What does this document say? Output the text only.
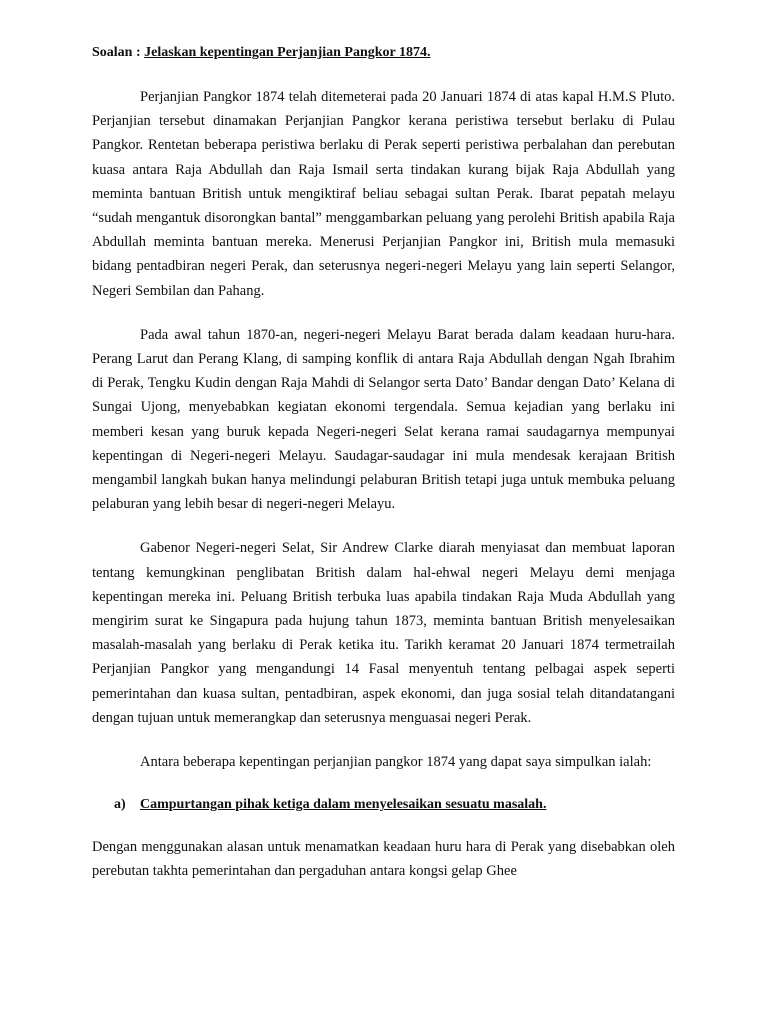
Soalan : Jelaskan kepentingan Perjanjian Pangkor 1874.

Perjanjian Pangkor 1874 telah ditemeterai pada 20 Januari 1874 di atas kapal H.M.S Pluto. Perjanjian tersebut dinamakan Perjanjian Pangkor kerana peristiwa tersebut berlaku di Pulau Pangkor. Rentetan beberapa peristiwa berlaku di Perak seperti peristiwa perbalahan dan perebutan kuasa antara Raja Abdullah dan Raja Ismail serta tindakan kurang bijak Raja Abdullah yang meminta bantuan British untuk mengiktiraf beliau sebagai sultan Perak. Ibarat pepatah melayu “sudah mengantuk disorongkan bantal” menggambarkan peluang yang perolehi British apabila Raja Abdullah meminta bantuan mereka. Menerusi Perjanjian Pangkor ini, British mula memasuki bidang pentadbiran negeri Perak, dan seterusnya negeri-negeri Melayu yang lain seperti Selangor, Negeri Sembilan dan Pahang.

Pada awal tahun 1870-an, negeri-negeri Melayu Barat berada dalam keadaan huru-hara. Perang Larut dan Perang Klang, di samping konflik di antara Raja Abdullah dengan Ngah Ibrahim di Perak, Tengku Kudin dengan Raja Mahdi di Selangor serta Dato’ Bandar dengan Dato’ Kelana di Sungai Ujong, menyebabkan kegiatan ekonomi tergendala. Semua kejadian yang berlaku ini memberi kesan yang buruk kepada Negeri-negeri Selat kerana ramai saudagarnya mempunyai kepentingan di Negeri-negeri Melayu. Saudagar-saudagar ini mula mendesak kerajaan British mengambil langkah bukan hanya melindungi pelaburan British tetapi juga untuk membuka peluang pelaburan yang lebih besar di negeri-negeri Melayu.

Gabenor Negeri-negeri Selat, Sir Andrew Clarke diarah menyiasat dan membuat laporan tentang kemungkinan penglibatan British dalam hal-ehwal negeri Melayu demi menjaga kepentingan mereka ini. Peluang British terbuka luas apabila tindakan Raja Muda Abdullah yang mengirim surat ke Singapura pada hujung tahun 1873, meminta bantuan British menyelesaikan masalah-masalah yang berlaku di Perak ketika itu. Tarikh keramat 20 Januari 1874 termetrailah Perjanjian Pangkor yang mengandungi 14 Fasal menyentuh tentang pelbagai aspek seperti pemerintahan dan kuasa sultan, pentadbiran, aspek ekonomi, dan juga sosial telah ditandatangani dengan tujuan untuk memerangkap dan seterusnya menguasai negeri Perak.

Antara beberapa kepentingan perjanjian pangkor 1874 yang dapat saya simpulkan ialah:

a) Campurtangan pihak ketiga dalam menyelesaikan sesuatu masalah.

Dengan menggunakan alasan untuk menamatkan keadaan huru hara di Perak yang disebabkan oleh perebutan takhta pemerintahan dan pergaduhan antara kongsi gelap Ghee
